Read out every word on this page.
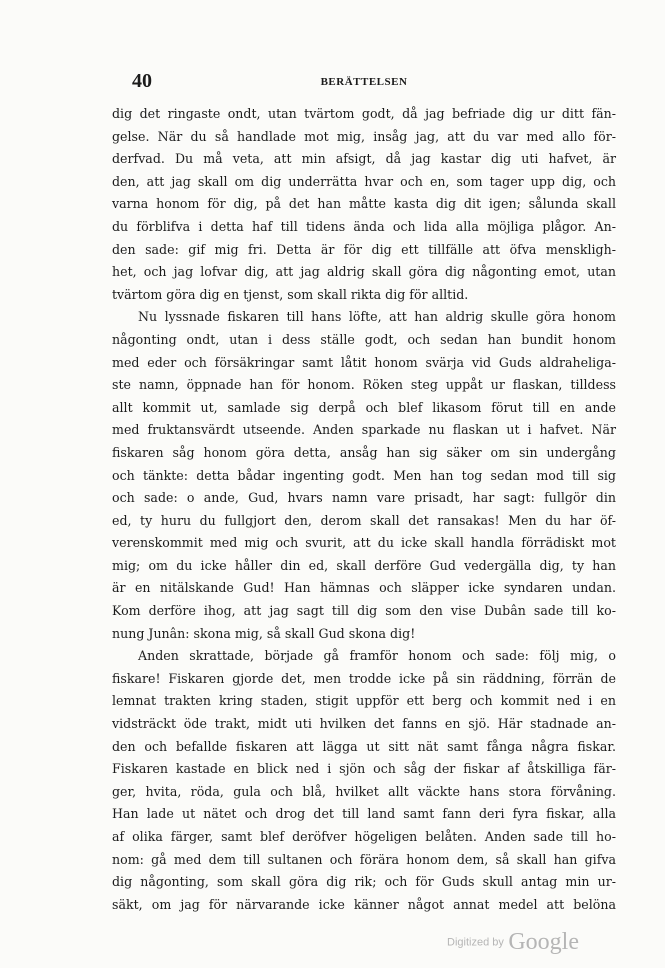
40	BERÄTTELSEN
dig det ringaste ondt, utan tvärtom godt, då jag befriade dig ur ditt fän-
gelse. När du så handlade mot mig, insåg jag, att du var med allo för-
derfvad. Du må veta, att min afsigt, då jag kastar dig uti hafvet, är
den, att jag skall om dig underrätta hvar och en, som tager upp dig, och
varna honom för dig, på det han måtte kasta dig dit igen; sålunda skall
du förblifva i detta haf till tidens ända och lida alla möjliga plågor. An-
den sade: gif mig fri. Detta är för dig ett tillfälle att öfva menskligh-
het, och jag lofvar dig, att jag aldrig skall göra dig någonting emot, utan
tvärtom göra dig en tjenst, som skall rikta dig för alltid.
Nu lyssnade fiskaren till hans löfte, att han aldrig skulle göra honom
någonting ondt, utan i dess ställe godt, och sedan han bundit honom
med eder och försäkringar samt låtit honom svärja vid Guds aldraheliga-
ste namn, öppnade han för honom. Röken steg uppåt ur flaskan, tilldess
allt kommit ut, samlade sig derpå och blef likasom förut till en ande
med fruktansvärdt utseende. Anden sparkade nu flaskan ut i hafvet. När
fiskaren såg honom göra detta, ansåg han sig säker om sin undergång
och tänkte: detta bådar ingenting godt. Men han tog sedan mod till sig
och sade: o ande, Gud, hvars namn vare prisadt, har sagt: fullgör din
ed, ty huru du fullgjort den, derom skall det ransakas! Men du har öf-
verenskommit med mig och svurit, att du icke skall handla förrädiskt mot
mig; om du icke håller din ed, skall derföre Gud vedergälla dig, ty han
är en nitälskande Gud! Han hämnas och släpper icke syndaren undan.
Kom derföre ihog, att jag sagt till dig som den vise Dubân sade till ko-
nung Junân: skona mig, så skall Gud skona dig!
Anden skrattade, började gå framför honom och sade: följ mig, o
fiskare! Fiskaren gjorde det, men trodde icke på sin räddning, förrän de
lemnat trakten kring staden, stigit uppför ett berg och kommit ned i en
vidsträckt öde trakt, midt uti hvilken det fanns en sjö. Här stadnade an-
den och befallde fiskaren att lägga ut sitt nät samt fånga några fiskar.
Fiskaren kastade en blick ned i sjön och såg der fiskar af åtskilliga fär-
ger, hvita, röda, gula och blå, hvilket allt väckte hans stora förvåning.
Han lade ut nätet och drog det till land samt fann deri fyra fiskar, alla
af olika färger, samt blef deröfver högeligen belåten. Anden sade till ho-
nom: gå med dem till sultanen och förära honom dem, så skall han gifva
dig någonting, som skall göra dig rik; och för Guds skull antag min ur-
säkt, om jag för närvarande icke känner något annat medel att belöna
Digitized by Google
